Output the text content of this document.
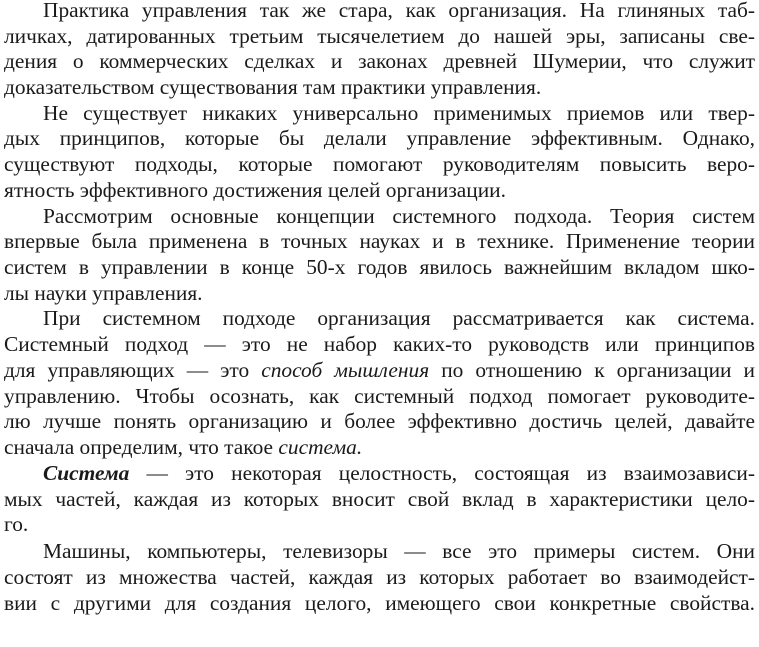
Практика управления так же стара, как организация. На глиняных таб-
личках, датированных третьим тысячелетием до нашей эры, записаны све-
дения о коммерческих сделках и законах древней Шумерии, что служит
доказательством существования там практики управления.
Не существует никаких универсально применимых приемов или твер-
дых принципов, которые бы делали управление эффективным. Однако,
существуют подходы, которые помогают руководителям повысить веро-
ятность эффективного достижения целей организации.
Рассмотрим основные концепции системного подхода. Теория систем
впервые была применена в точных науках и в технике. Применение теории
систем в управлении в конце 50-х годов явилось важнейшим вкладом шко-
лы науки управления.
При системном подходе организация рассматривается как система.
Системный подход — это не набор каких-то руководств или принципов
для управляющих — это способ мышления по отношению к организации и
управлению. Чтобы осознать, как системный подход помогает руководите-
лю лучше понять организацию и более эффективно достичь целей, давайте
сначала определим, что такое система.
Система — это некоторая целостность, состоящая из взаимозависи-
мых частей, каждая из которых вносит свой вклад в характеристики цело-
го.
Машины, компьютеры, телевизоры — все это примеры систем. Они
состоят из множества частей, каждая из которых работает во взаимодейст-
вии с другими для создания целого, имеющего свои конкретные свойства.
